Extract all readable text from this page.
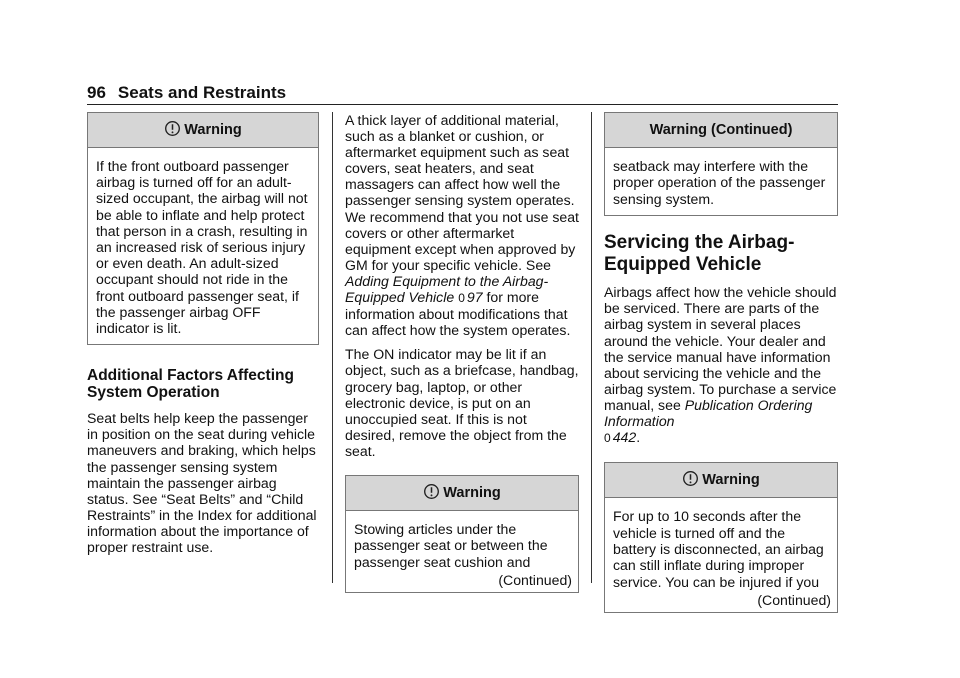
96 Seats and Restraints
Warning

If the front outboard passenger airbag is turned off for an adult-sized occupant, the airbag will not be able to inflate and help protect that person in a crash, resulting in an increased risk of serious injury or even death. An adult-sized occupant should not ride in the front outboard passenger seat, if the passenger airbag OFF indicator is lit.

Additional Factors Affecting System Operation

Seat belts help keep the passenger in position on the seat during vehicle maneuvers and braking, which helps the passenger sensing system maintain the passenger airbag status. See “Seat Belts” and “Child Restraints” in the Index for additional information about the importance of proper restraint use.

A thick layer of additional material, such as a blanket or cushion, or aftermarket equipment such as seat covers, seat heaters, and seat massagers can affect how well the passenger sensing system operates. We recommend that you not use seat covers or other aftermarket equipment except when approved by GM for your specific vehicle. See Adding Equipment to the Airbag-Equipped Vehicle 0 97 for more information about modifications that can affect how the system operates.

The ON indicator may be lit if an object, such as a briefcase, handbag, grocery bag, laptop, or other electronic device, is put on an unoccupied seat. If this is not desired, remove the object from the seat.

Warning
Stowing articles under the passenger seat or between the passenger seat cushion and
(Continued)
Warning (Continued)
seatback may interfere with the proper operation of the passenger sensing system.
Servicing the Airbag-Equipped Vehicle

Airbags affect how the vehicle should be serviced. There are parts of the airbag system in several places around the vehicle. Your dealer and the service manual have information about servicing the vehicle and the airbag system. To purchase a service manual, see Publication Ordering Information
0 442.

Warning
For up to 10 seconds after the vehicle is turned off and the battery is disconnected, an airbag can still inflate during improper service. You can be injured if you
(Continued)
